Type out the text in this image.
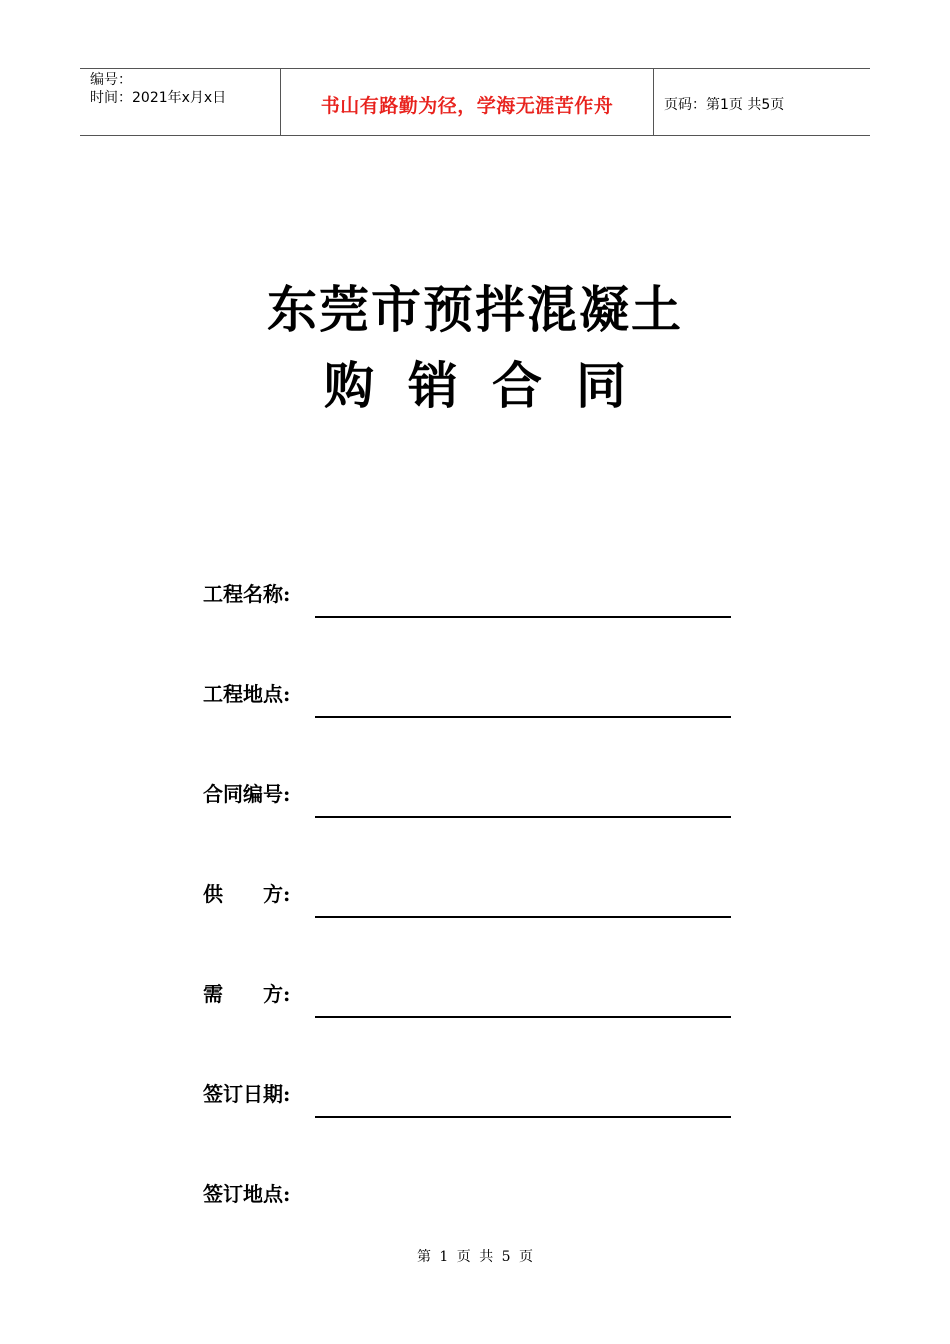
编号：
时间：2021年x月x日	书山有路勤为径，学海无涯苦作舟	页码：第1页 共5页
东莞市预拌混凝土
购销合同
工程名称:
工程地点:
合同编号:
供　　方:
需　　方:
签订日期:
签订地点:
第 1 页 共 5 页
